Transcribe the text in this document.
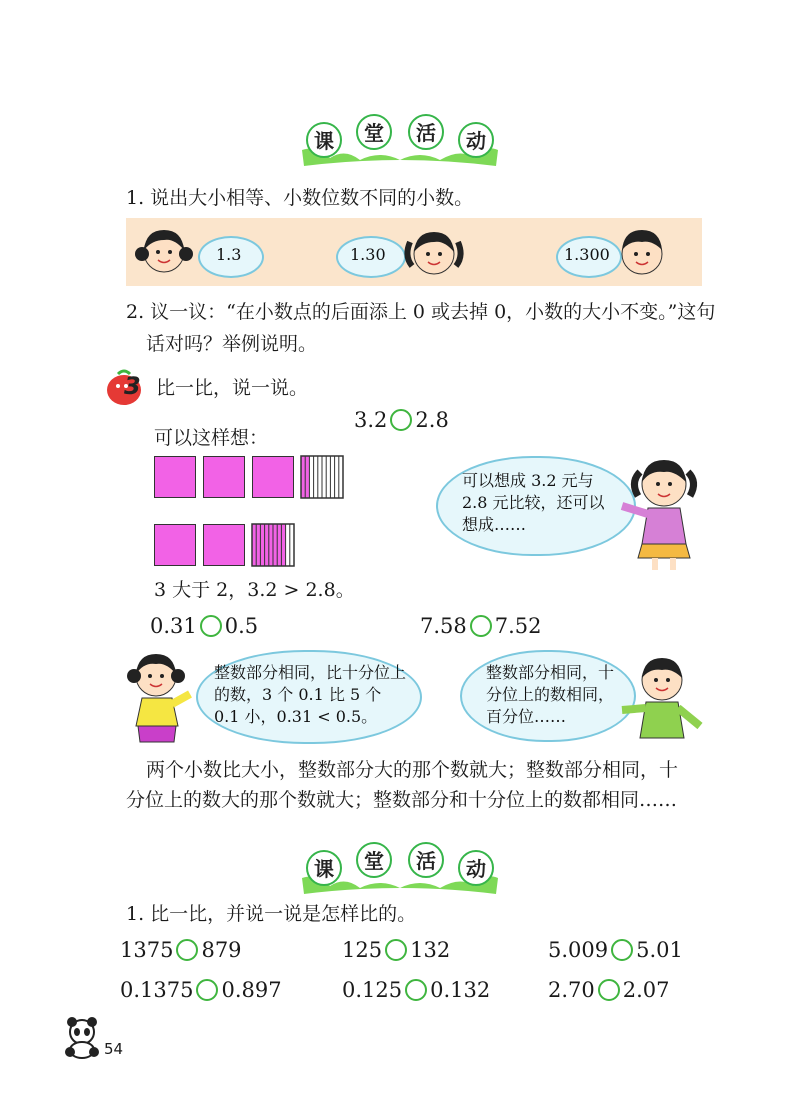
课	堂	活	动
1. 说出大小相等、小数位数不同的小数。
1.3	1.30	1.300
2. 议一议：“在小数点的后面添上 0 或去掉 0，小数的大小不变。”这句
话对吗？举例说明。
3 比一比，说一说。
3.2 2.8
可以这样想：
可以想成 3.2 元与 2.8 元比较，还可以想成……
3 大于 2，3.2 > 2.8。
0.31 0.5	7.58 7.52
整数部分相同，比十分位上的数，3 个 0.1 比 5 个 0.1 小，0.31 < 0.5。
整数部分相同，十分位上的数相同，百分位……
两个小数比大小，整数部分大的那个数就大；整数部分相同，十
分位上的数大的那个数就大；整数部分和十分位上的数都相同……
课	堂	活	动
1. 比一比，并说一说是怎样比的。
1375 879	125 132	5.009 5.01
0.1375 0.897	0.125 0.132	2.70 2.07
54
